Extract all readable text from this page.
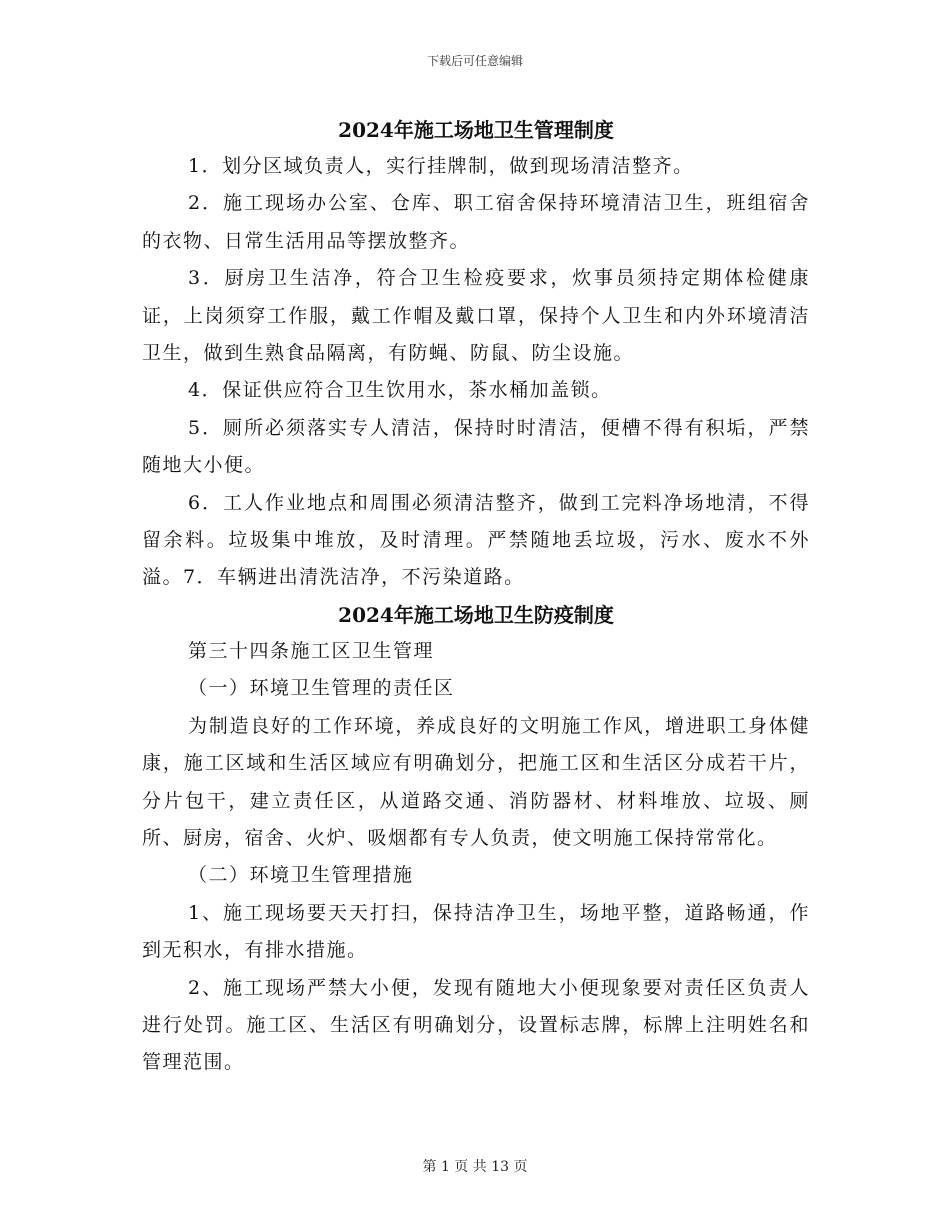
下载后可任意编辑
2024年施工场地卫生管理制度

1．划分区域负责人，实行挂牌制，做到现场清洁整齐。

2．施工现场办公室、仓库、职工宿舍保持环境清洁卫生，班组宿舍的衣物、日常生活用品等摆放整齐。

3．厨房卫生洁净，符合卫生检疫要求，炊事员须持定期体检健康证，上岗须穿工作服，戴工作帽及戴口罩，保持个人卫生和内外环境清洁卫生，做到生熟食品隔离，有防蝇、防鼠、防尘设施。

4．保证供应符合卫生饮用水，茶水桶加盖锁。

5．厕所必须落实专人清洁，保持时时清洁，便槽不得有积垢，严禁随地大小便。

6．工人作业地点和周围必须清洁整齐，做到工完料净场地清，不得留余料。垃圾集中堆放，及时清理。严禁随地丢垃圾，污水、废水不外溢。7．车辆进出清洗洁净，不污染道路。

2024年施工场地卫生防疫制度

第三十四条施工区卫生管理

（一）环境卫生管理的责任区

为制造良好的工作环境，养成良好的文明施工作风，增进职工身体健康，施工区域和生活区域应有明确划分，把施工区和生活区分成若干片，分片包干，建立责任区，从道路交通、消防器材、材料堆放、垃圾、厕所、厨房，宿舍、火炉、吸烟都有专人负责，使文明施工保持常常化。

（二）环境卫生管理措施

1、施工现场要天天打扫，保持洁净卫生，场地平整，道路畅通，作到无积水，有排水措施。

2、施工现场严禁大小便，发现有随地大小便现象要对责任区负责人进行处罚。施工区、生活区有明确划分，设置标志牌，标牌上注明姓名和管理范围。

第 1 页 共 13 页
